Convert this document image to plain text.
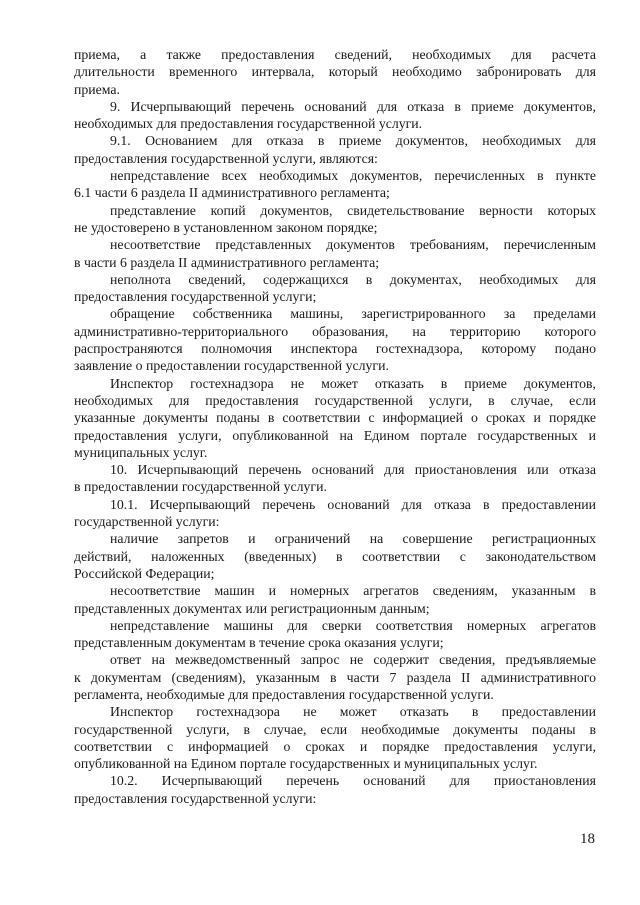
приема, а также предоставления сведений, необходимых для расчета
длительности временного интервала, который необходимо забронировать для
приема.
9. Исчерпывающий перечень оснований для отказа в приеме документов,
необходимых для предоставления государственной услуги.
9.1. Основанием для отказа в приеме документов, необходимых для
предоставления государственной услуги, являются:
непредставление всех необходимых документов, перечисленных в пункте
6.1 части 6 раздела II административного регламента;
представление копий документов, свидетельствование верности которых
не удостоверено в установленном законом порядке;
несоответствие представленных документов требованиям, перечисленным
в части 6 раздела II административного регламента;
неполнота сведений, содержащихся в документах, необходимых для
предоставления государственной услуги;
обращение собственника машины, зарегистрированного за пределами
административно-территориального образования, на территорию которого
распространяются полномочия инспектора гостехнадзора, которому подано
заявление о предоставлении государственной услуги.
Инспектор гостехнадзора не может отказать в приеме документов,
необходимых для предоставления государственной услуги, в случае, если
указанные документы поданы в соответствии с информацией о сроках и порядке
предоставления услуги, опубликованной на Едином портале государственных и
муниципальных услуг.
10. Исчерпывающий перечень оснований для приостановления или отказа
в предоставлении государственной услуги.
10.1. Исчерпывающий перечень оснований для отказа в предоставлении
государственной услуги:
наличие запретов и ограничений на совершение регистрационных
действий, наложенных (введенных) в соответствии с законодательством
Российской Федерации;
несоответствие машин и номерных агрегатов сведениям, указанным в
представленных документах или регистрационным данным;
непредставление машины для сверки соответствия номерных агрегатов
представленным документам в течение срока оказания услуги;
ответ на межведомственный запрос не содержит сведения, предъявляемые
к документам (сведениям), указанным в части 7 раздела II административного
регламента, необходимые для предоставления государственной услуги.
Инспектор гостехнадзора не может отказать в предоставлении
государственной услуги, в случае, если необходимые документы поданы в
соответствии с информацией о сроках и порядке предоставления услуги,
опубликованной на Едином портале государственных и муниципальных услуг.
10.2. Исчерпывающий перечень оснований для приостановления
предоставления государственной услуги:
18
